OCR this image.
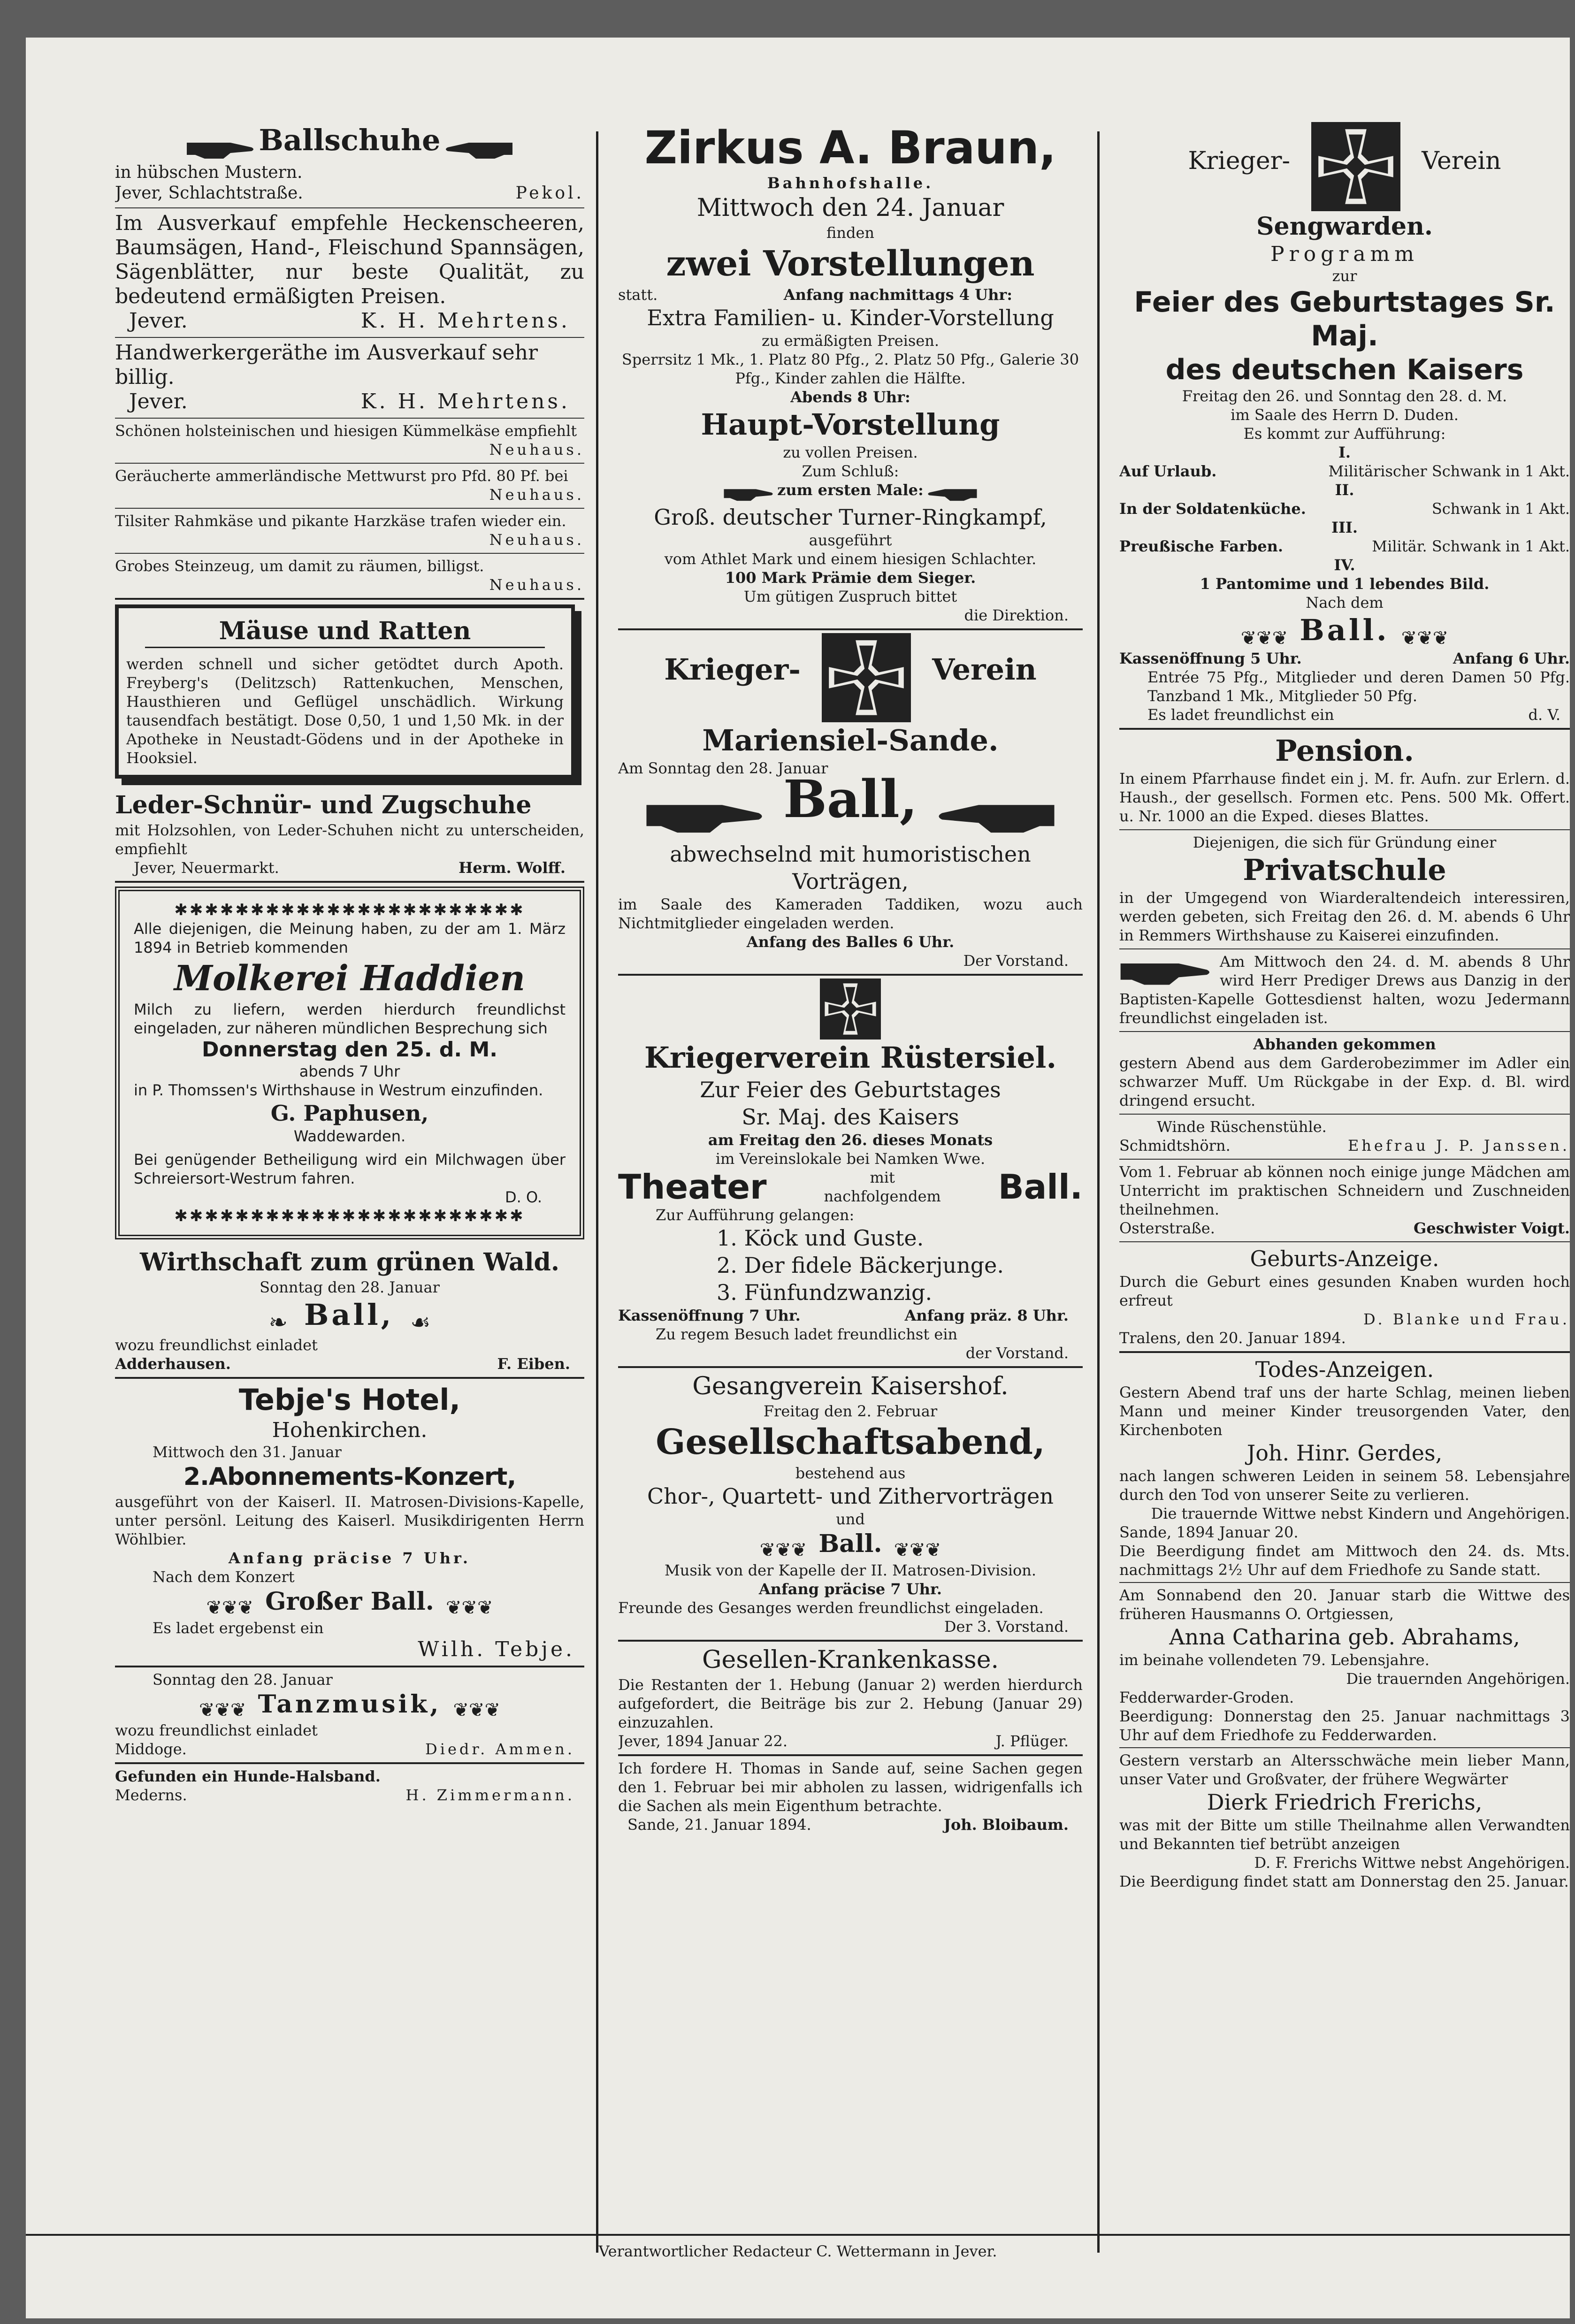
Ballschuhe

in hübschen Mustern.

Jever, Schlachtstraße.	Pekol.

Im Ausverkauf empfehle Heckenscheeren, Baumsägen, Hand-, Fleischund Spannsägen, Sägenblätter, nur beste Qualität, zu bedeutend ermäßigten Preisen.

Jever.	K. H. Mehrtens.

Handwerkergeräthe im Ausverkauf sehr billig.

Jever.	K. H. Mehrtens.

Schönen holsteinischen und hiesigen Kümmelkäse empfiehlt

Neuhaus.

Geräucherte ammerländische Mettwurst pro Pfd. 80 Pf. bei

Neuhaus.

Tilsiter Rahmkäse und pikante Harzkäse trafen wieder ein.

Neuhaus.

Grobes Steinzeug, um damit zu räumen, billigst.

Neuhaus.

Mäuse und Ratten

werden schnell und sicher getödtet durch Apoth. Freyberg's (Delitzsch) Rattenkuchen, Menschen, Hausthieren und Geflügel unschädlich. Wirkung tausendfach bestätigt. Dose 0,50, 1 und 1,50 Mk. in der Apotheke in Neustadt-Gödens und in der Apotheke in Hooksiel.

Leder-Schnür- und Zugschuhe

mit Holzsohlen, von Leder-Schuhen nicht zu unterscheiden, empfiehlt

Jever, Neuermarkt.	Herm. Wolff.

✱✱✱✱✱✱✱✱✱✱✱✱✱✱✱✱✱✱✱✱✱✱✱

Alle diejenigen, die Meinung haben, zu der am 1. März 1894 in Betrieb kommenden

Molkerei Haddien

Milch zu liefern, werden hierdurch freundlichst eingeladen, zur näheren mündlichen Besprechung sich

Donnerstag den 25. d. M.

abends 7 Uhr

in P. Thomssen's Wirthshause in Westrum einzufinden.

G. Paphusen,

Waddewarden.

Bei genügender Betheiligung wird ein Milchwagen über Schreiersort-Westrum fahren.

D. O.

✱✱✱✱✱✱✱✱✱✱✱✱✱✱✱✱✱✱✱✱✱✱✱

Wirthschaft zum grünen Wald.

Sonntag den 28. Januar

❧ Ball, ☙

wozu freundlichst einladet

Adderhausen.	F. Eiben.

Tebje's Hotel,

Hohenkirchen.

Mittwoch den 31. Januar

2.Abonnements-Konzert,

ausgeführt von der Kaiserl. II. Matrosen-Divisions-Kapelle, unter persönl. Leitung des Kaiserl. Musikdirigenten Herrn Wöhlbier.

Anfang präcise 7 Uhr.

Nach dem Konzert

❦❦❦ Großer Ball. ❦❦❦

Es ladet ergebenst ein

Wilh. Tebje.

Sonntag den 28. Januar

❦❦❦ Tanzmusik, ❦❦❦

wozu freundlichst einladet

Middoge.	Diedr. Ammen.

Gefunden ein Hunde-Halsband.

Mederns.	H. Zimmermann.

Zirkus A. Braun,

Bahnhofshalle.

Mittwoch den 24. Januar

finden

zwei Vorstellungen

statt.	Anfang nachmittags 4 Uhr:

Extra Familien- u. Kinder-Vorstellung

zu ermäßigten Preisen.

Sperrsitz 1 Mk., 1. Platz 80 Pfg., 2. Platz 50 Pfg., Galerie 30 Pfg., Kinder zahlen die Hälfte.

Abends 8 Uhr:

Haupt-Vorstellung

zu vollen Preisen.

Zum Schluß:

zum ersten Male:

Groß. deutscher Turner-Ringkampf,

ausgeführt

vom Athlet Mark und einem hiesigen Schlachter.

100 Mark Prämie dem Sieger.

Um gütigen Zuspruch bittet

die Direktion.

Krieger-	Verein

Mariensiel-Sande.

Am Sonntag den 28. Januar

Ball,

abwechselnd mit humoristischen

Vorträgen,

im Saale des Kameraden Taddiken, wozu auch Nichtmitglieder eingeladen werden.

Anfang des Balles 6 Uhr.

Der Vorstand.

Kriegerverein Rüstersiel.

Zur Feier des Geburtstages

Sr. Maj. des Kaisers

am Freitag den 26. dieses Monats

im Vereinslokale bei Namken Wwe.

Theater	mit
nachfolgendem Ball.

Zur Aufführung gelangen:

1. Köck und Guste.

2. Der fidele Bäckerjunge.

3. Fünfundzwanzig.

Kassenöffnung 7 Uhr.	Anfang präz. 8 Uhr.

Zu regem Besuch ladet freundlichst ein

der Vorstand.

Gesangverein Kaisershof.

Freitag den 2. Februar

Gesellschaftsabend,

bestehend aus

Chor-, Quartett- und Zithervorträgen

und

❦❦❦ Ball. ❦❦❦

Musik von der Kapelle der II. Matrosen-Division.

Anfang präcise 7 Uhr.

Freunde des Gesanges werden freundlichst eingeladen.

Der 3. Vorstand.

Gesellen-Krankenkasse.

Die Restanten der 1. Hebung (Januar 2) werden hierdurch aufgefordert, die Beiträge bis zur 2. Hebung (Januar 29) einzuzahlen.

Jever, 1894 Januar 22.	J. Pflüger.

Ich fordere H. Thomas in Sande auf, seine Sachen gegen den 1. Februar bei mir abholen zu lassen, widrigenfalls ich die Sachen als mein Eigenthum betrachte.

Sande, 21. Januar 1894.	Joh. Bloibaum.
Krieger-	Verein

Sengwarden.

Programm

zur

Feier des Geburtstages Sr. Maj.

des deutschen Kaisers

Freitag den 26. und Sonntag den 28. d. M.

im Saale des Herrn D. Duden.

Es kommt zur Aufführung:

I.

Auf Urlaub.	Militärischer Schwank in 1 Akt.

II.

In der Soldatenküche.	Schwank in 1 Akt.

III.

Preußische Farben.	Militär. Schwank in 1 Akt.

IV.

1 Pantomime und 1 lebendes Bild.

Nach dem

❦❦❦ Ball. ❦❦❦
Kassenöffnung 5 Uhr.	Anfang 6 Uhr.

Entrée 75 Pfg., Mitglieder und deren Damen 50 Pfg. Tanzband 1 Mk., Mitglieder 50 Pfg.

Es ladet freundlichst ein	d. V.

Pension.

In einem Pfarrhause findet ein j. M. fr. Aufn. zur Erlern. d. Haush., der gesellsch. Formen etc. Pens. 500 Mk. Offert. u. Nr. 1000 an die Exped. dieses Blattes.

Diejenigen, die sich für Gründung einer

Privatschule

in der Umgegend von Wiarderaltendeich interessiren, werden gebeten, sich Freitag den 26. d. M. abends 6 Uhr in Remmers Wirthshause zu Kaiserei einzufinden.

Am Mittwoch den 24. d. M. abends 8 Uhr wird Herr Prediger Drews aus Danzig in der Baptisten-Kapelle Gottesdienst halten, wozu Jedermann freundlichst eingeladen ist.

Abhanden gekommen

gestern Abend aus dem Garderobezimmer im Adler ein schwarzer Muff. Um Rückgabe in der Exp. d. Bl. wird dringend ersucht.

Winde Rüschenstühle.

Schmidtshörn.	Ehefrau J. P. Janssen.

Vom 1. Februar ab können noch einige junge Mädchen am Unterricht im praktischen Schneidern und Zuschneiden theilnehmen.

Osterstraße.	Geschwister Voigt.

Geburts-Anzeige.

Durch die Geburt eines gesunden Knaben wurden hoch erfreut

D. Blanke und Frau.

Tralens, den 20. Januar 1894.

Todes-Anzeigen.

Gestern Abend traf uns der harte Schlag, meinen lieben Mann und meiner Kinder treusorgenden Vater, den Kirchenboten

Joh. Hinr. Gerdes,

nach langen schweren Leiden in seinem 58. Lebensjahre durch den Tod von unserer Seite zu verlieren.

Die trauernde Wittwe nebst Kindern und Angehörigen.

Sande, 1894 Januar 20.

Die Beerdigung findet am Mittwoch den 24. ds. Mts. nachmittags 2½ Uhr auf dem Friedhofe zu Sande statt.

Am Sonnabend den 20. Januar starb die Wittwe des früheren Hausmanns O. Ortgiessen,

Anna Catharina geb. Abrahams,

im beinahe vollendeten 79. Lebensjahre.

Die trauernden Angehörigen.

Fedderwarder-Groden.

Beerdigung: Donnerstag den 25. Januar nachmittags 3 Uhr auf dem Friedhofe zu Fedderwarden.

Gestern verstarb an Altersschwäche mein lieber Mann, unser Vater und Großvater, der frühere Wegwärter

Dierk Friedrich Frerichs,

was mit der Bitte um stille Theilnahme allen Verwandten und Bekannten tief betrübt anzeigen

D. F. Frerichs Wittwe nebst Angehörigen.

Die Beerdigung findet statt am Donnerstag den 25. Januar.

Verantwortlicher Redacteur C. Wettermann in Jever.
